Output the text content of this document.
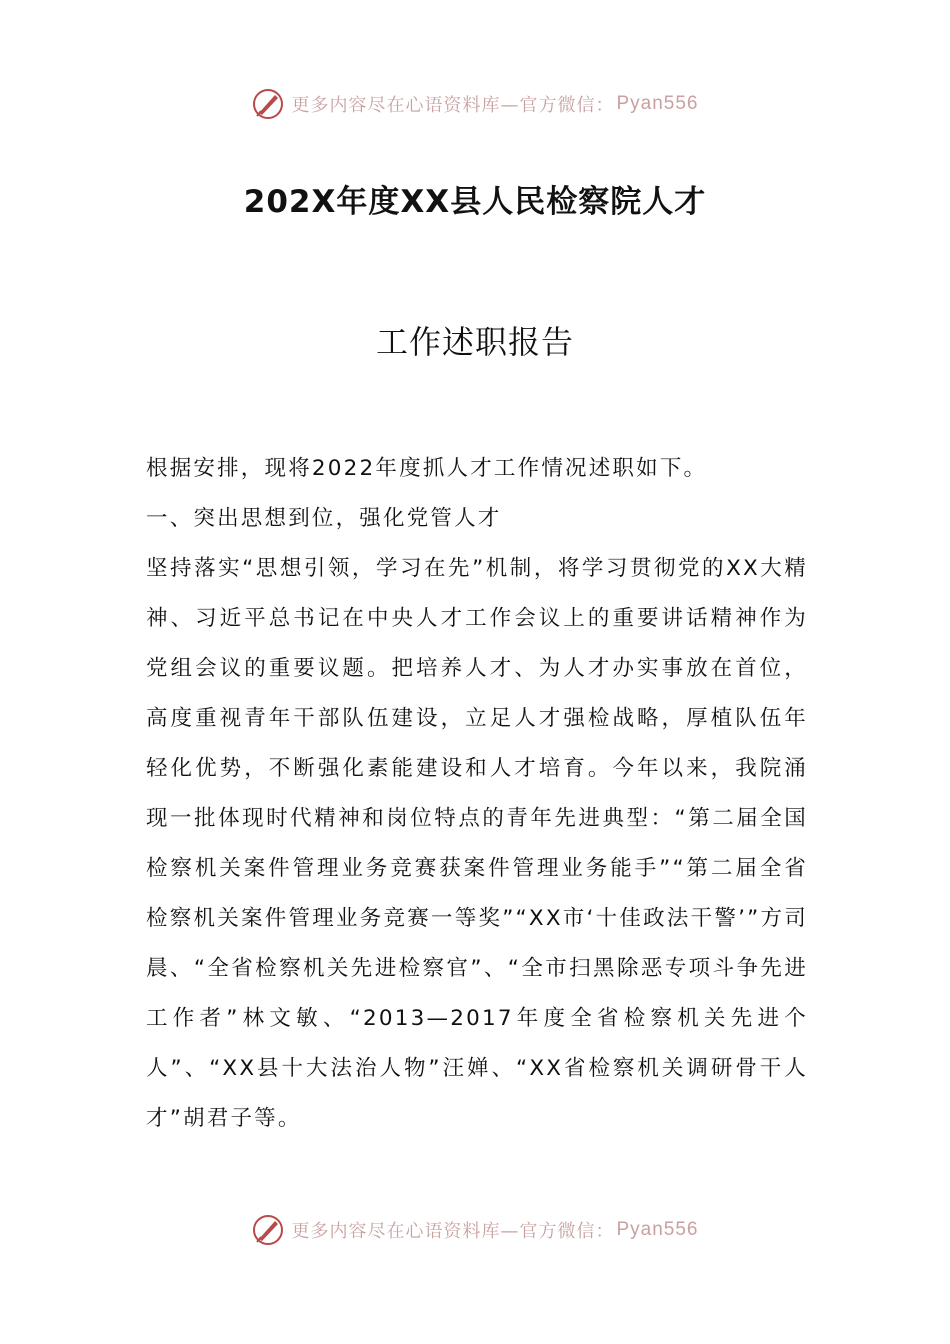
更多内容尽在心语资料库—官方微信： Pyan556
202X年度XX县人民检察院人才
工作述职报告

根据安排，现将2022年度抓人才工作情况述职如下。

一、突出思想到位，强化党管人才

坚持落实“思想引领，学习在先”机制，将学习贯彻党的XX大精神、习近平总书记在中央人才工作会议上的重要讲话精神作为党组会议的重要议题。把培养人才、为人才办实事放在首位，高度重视青年干部队伍建设，立足人才强检战略，厚植队伍年轻化优势，不断强化素能建设和人才培育。今年以来，我院涌现一批体现时代精神和岗位特点的青年先进典型：“第二届全国检察机关案件管理业务竞赛获案件管理业务能手”“第二届全省检察机关案件管理业务竞赛一等奖”“XX市‘十佳政法干警’”方司晨、“全省检察机关先进检察官”、“全市扫黑除恶专项斗争先进工作者”林文敏、“2013—2017年度全省检察机关先进个人”、“XX县十大法治人物”汪婵、“XX省检察机关调研骨干人才”胡君子等。

更多内容尽在心语资料库—官方微信： Pyan556
